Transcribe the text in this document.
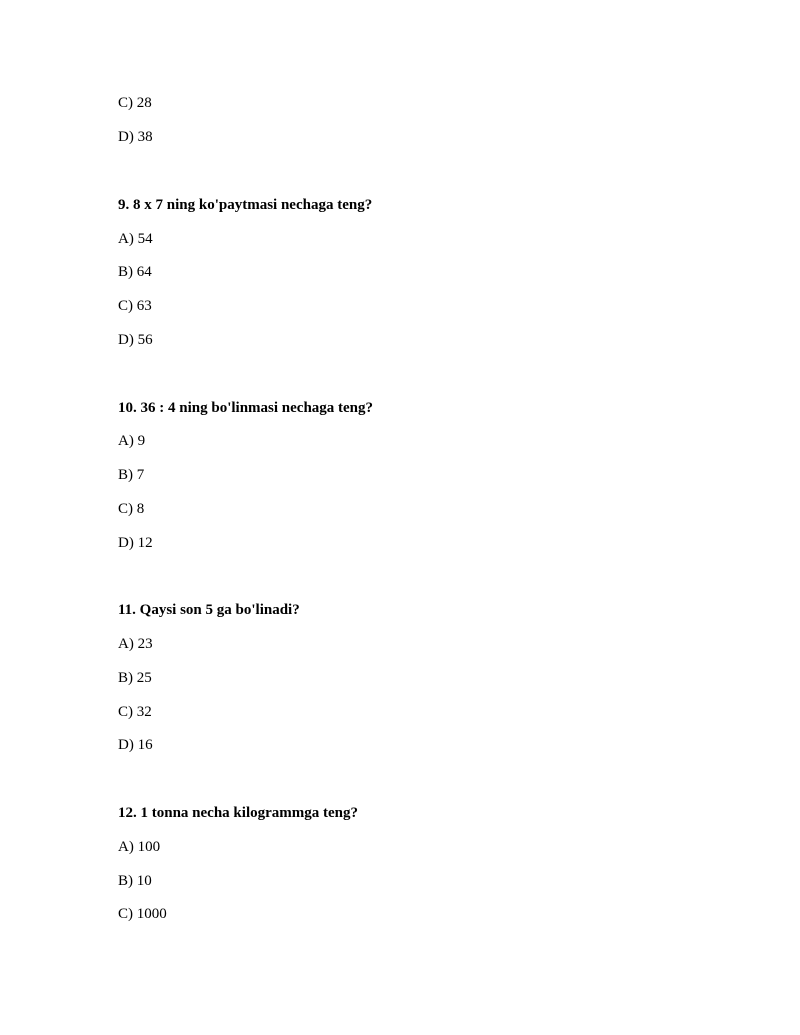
C) 28
D) 38
9. 8 x 7 ning ko'paytmasi nechaga teng?
A) 54
B) 64
C) 63
D) 56
10. 36 : 4 ning bo'linmasi nechaga teng?
A) 9
B) 7
C) 8
D) 12
11. Qaysi son 5 ga bo'linadi?
A) 23
B) 25
C) 32
D) 16
12. 1 tonna necha kilogrammga teng?
A) 100
B) 10
C) 1000
